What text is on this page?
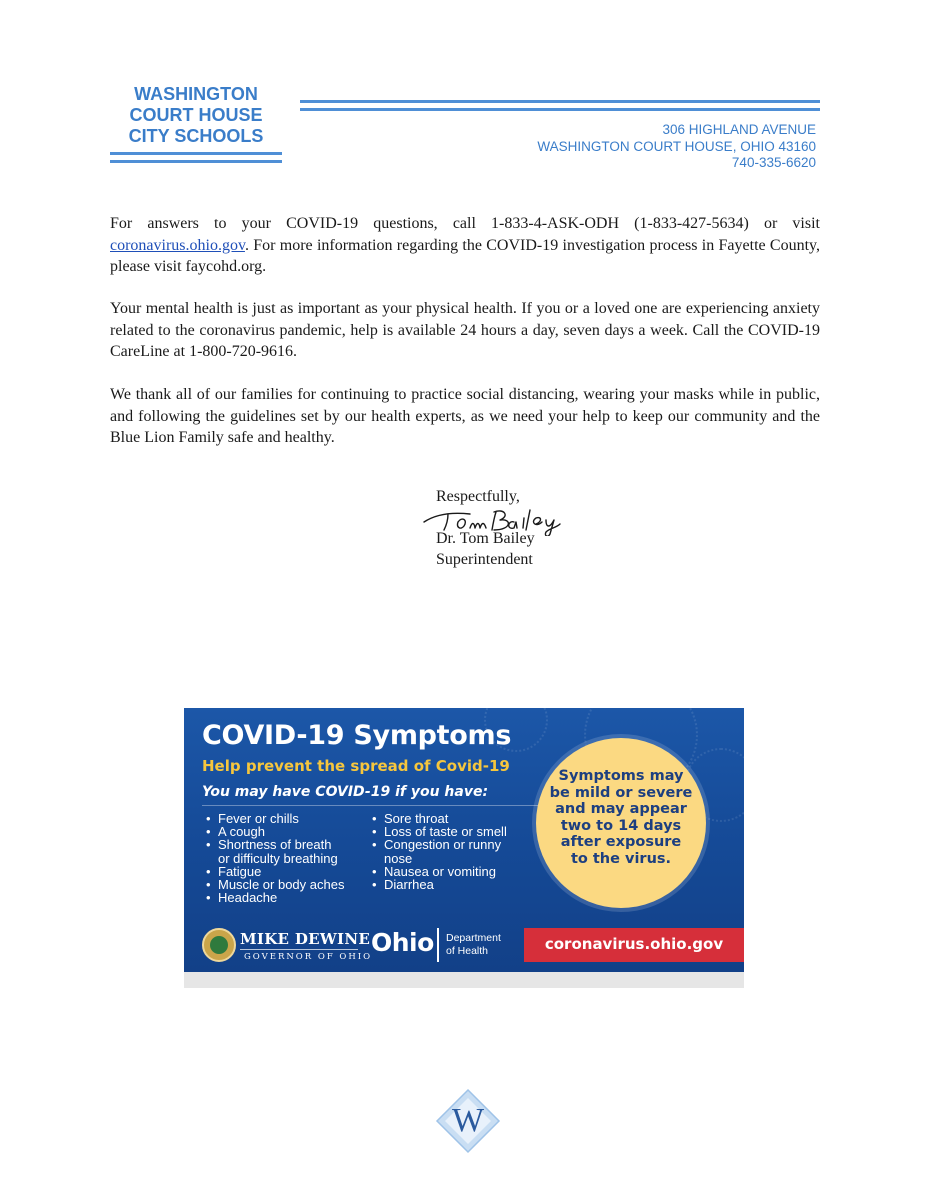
WASHINGTON
COURT HOUSE
CITY SCHOOLS	306 HIGHLAND AVENUE
WASHINGTON COURT HOUSE, OHIO 43160
740-335-6620

For answers to your COVID-19 questions, call 1-833-4-ASK-ODH (1-833-427-5634) or visit coronavirus.ohio.gov. For more information regarding the COVID-19 investigation process in Fayette County, please visit faycohd.org.

Your mental health is just as important as your physical health. If you or a loved one are experiencing anxiety related to the coronavirus pandemic, help is available 24 hours a day, seven days a week. Call the COVID-19 CareLine at 1-800-720-9616.

We thank all of our families for continuing to practice social distancing, wearing your masks while in public, and following the guidelines set by our health experts, as we need your help to keep our community and the Blue Lion Family safe and healthy.

Respectfully,
Dr. Tom Bailey
Superintendent
COVID-19 Symptoms
Help prevent the spread of Covid-19
You may have COVID-19 if you have:
• Fever or chills
• A cough
• Shortness of breath
or difficulty breathing
• Fatigue
• Muscle or body aches
• Headache
• Sore throat
• Loss of taste or smell
• Congestion or runny
nose
• Nausea or vomiting
• Diarrhea
Symptoms may
be mild or severe
and may appear
two to 14 days
after exposure
to the virus.
MIKE DEWINE
GOVERNOR OF OHIO
Ohio Department
of Health	coronavirus.ohio.gov
W
